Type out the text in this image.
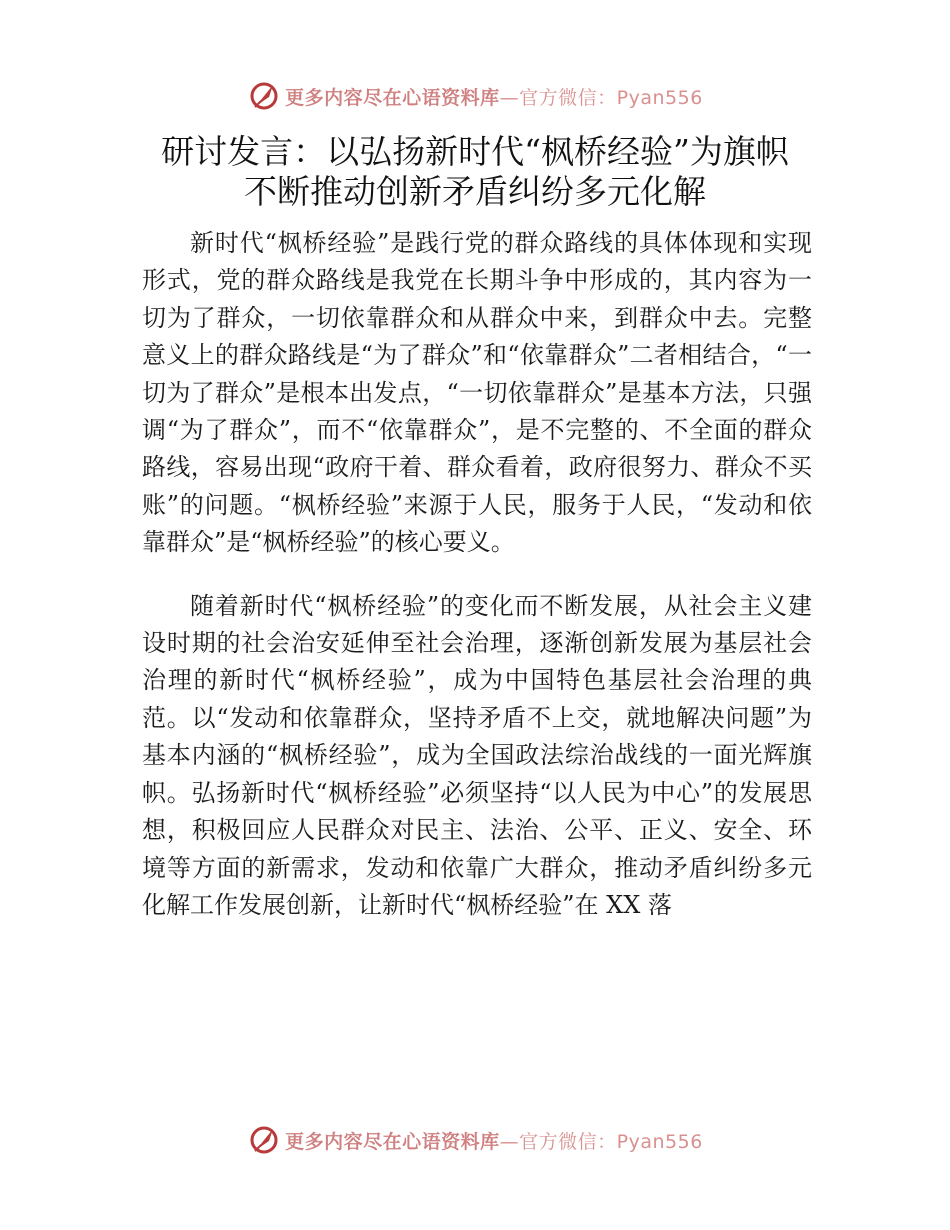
更多内容尽在心语资料库—官方微信：Pyan556
研讨发言：以弘扬新时代“枫桥经验”为旗帜
不断推动创新矛盾纠纷多元化解

新时代“枫桥经验”是践行党的群众路线的具体体现和实现形式，党的群众路线是我党在长期斗争中形成的，其内容为一切为了群众，一切依靠群众和从群众中来，到群众中去。完整意义上的群众路线是“为了群众”和“依靠群众”二者相结合，“一切为了群众”是根本出发点，“一切依靠群众”是基本方法，只强调“为了群众”，而不“依靠群众”，是不完整的、不全面的群众路线，容易出现“政府干着、群众看着，政府很努力、群众不买账”的问题。“枫桥经验”来源于人民，服务于人民，“发动和依靠群众”是“枫桥经验”的核心要义。

随着新时代“枫桥经验”的变化而不断发展，从社会主义建设时期的社会治安延伸至社会治理，逐渐创新发展为基层社会治理的新时代“枫桥经验”，成为中国特色基层社会治理的典范。以“发动和依靠群众，坚持矛盾不上交，就地解决问题”为基本内涵的“枫桥经验”，成为全国政法综治战线的一面光辉旗帜。弘扬新时代“枫桥经验”必须坚持“以人民为中心”的发展思想，积极回应人民群众对民主、法治、公平、正义、安全、环境等方面的新需求，发动和依靠广大群众，推动矛盾纠纷多元化解工作发展创新，让新时代“枫桥经验”在 XX 落

更多内容尽在心语资料库—官方微信：Pyan556
